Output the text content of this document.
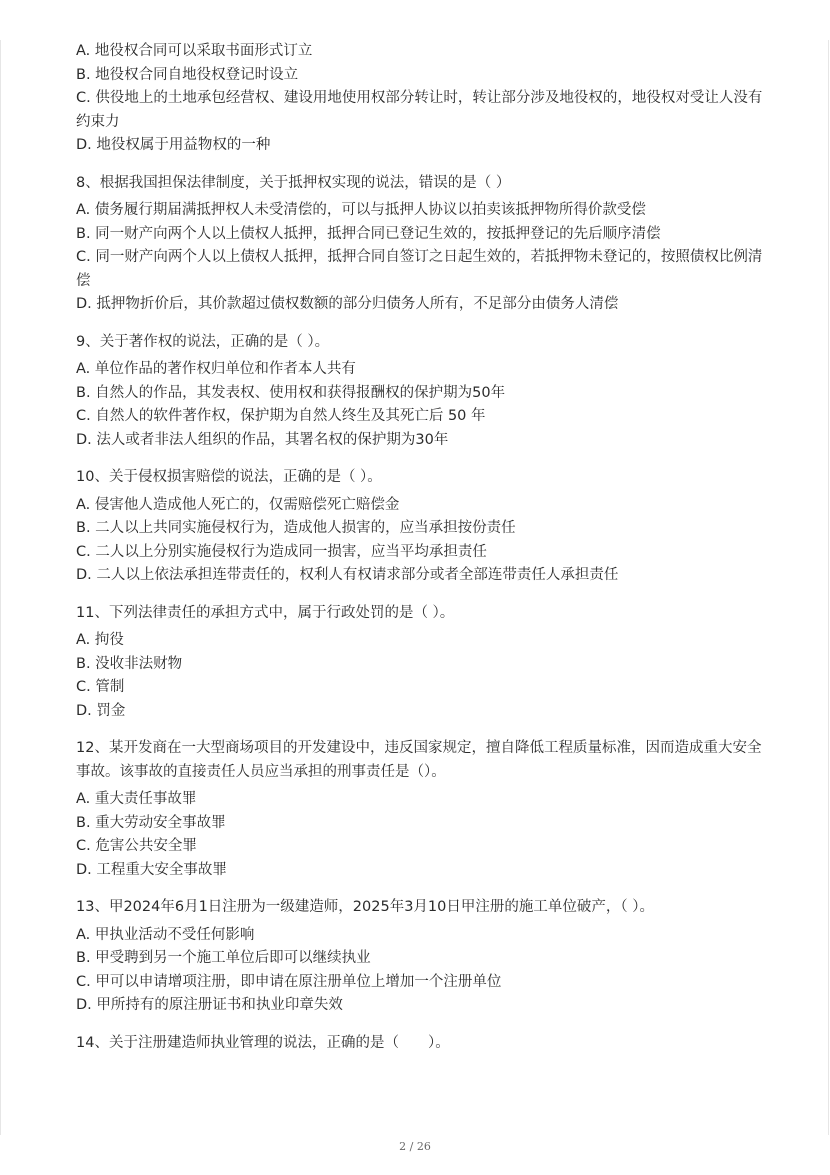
A. 地役权合同可以采取书面形式订立
B. 地役权合同自地役权登记时设立
C. 供役地上的土地承包经营权、建设用地使用权部分转让时，转让部分涉及地役权的，地役权对受让人没有约束力
D. 地役权属于用益物权的一种
8、根据我国担保法律制度，关于抵押权实现的说法，错误的是（ ）
A. 债务履行期届满抵押权人未受清偿的，可以与抵押人协议以拍卖该抵押物所得价款受偿
B. 同一财产向两个人以上债权人抵押，抵押合同已登记生效的，按抵押登记的先后顺序清偿
C. 同一财产向两个人以上债权人抵押，抵押合同自签订之日起生效的，若抵押物未登记的，按照债权比例清偿
D. 抵押物折价后，其价款超过债权数额的部分归债务人所有，不足部分由债务人清偿
9、关于著作权的说法，正确的是（ ）。
A. 单位作品的著作权归单位和作者本人共有
B. 自然人的作品，其发表权、使用权和获得报酬权的保护期为50年
C. 自然人的软件著作权，保护期为自然人终生及其死亡后 50 年
D. 法人或者非法人组织的作品，其署名权的保护期为30年
10、关于侵权损害赔偿的说法，正确的是（ ）。
A. 侵害他人造成他人死亡的，仅需赔偿死亡赔偿金
B. 二人以上共同实施侵权行为，造成他人损害的，应当承担按份责任
C. 二人以上分别实施侵权行为造成同一损害，应当平均承担责任
D. 二人以上依法承担连带责任的，权利人有权请求部分或者全部连带责任人承担责任
11、下列法律责任的承担方式中，属于行政处罚的是（ ）。
A. 拘役
B. 没收非法财物
C. 管制
D. 罚金
12、某开发商在一大型商场项目的开发建设中，违反国家规定，擅自降低工程质量标准，因而造成重大安全事故。该事故的直接责任人员应当承担的刑事责任是（）。
A. 重大责任事故罪
B. 重大劳动安全事故罪
C. 危害公共安全罪
D. 工程重大安全事故罪
13、甲2024年6月1日注册为一级建造师，2025年3月10日甲注册的施工单位破产，（ ）。
A. 甲执业活动不受任何影响
B. 甲受聘到另一个施工单位后即可以继续执业
C. 甲可以申请增项注册，即申请在原注册单位上增加一个注册单位
D. 甲所持有的原注册证书和执业印章失效
14、关于注册建造师执业管理的说法，正确的是（　　）。
2 / 26
